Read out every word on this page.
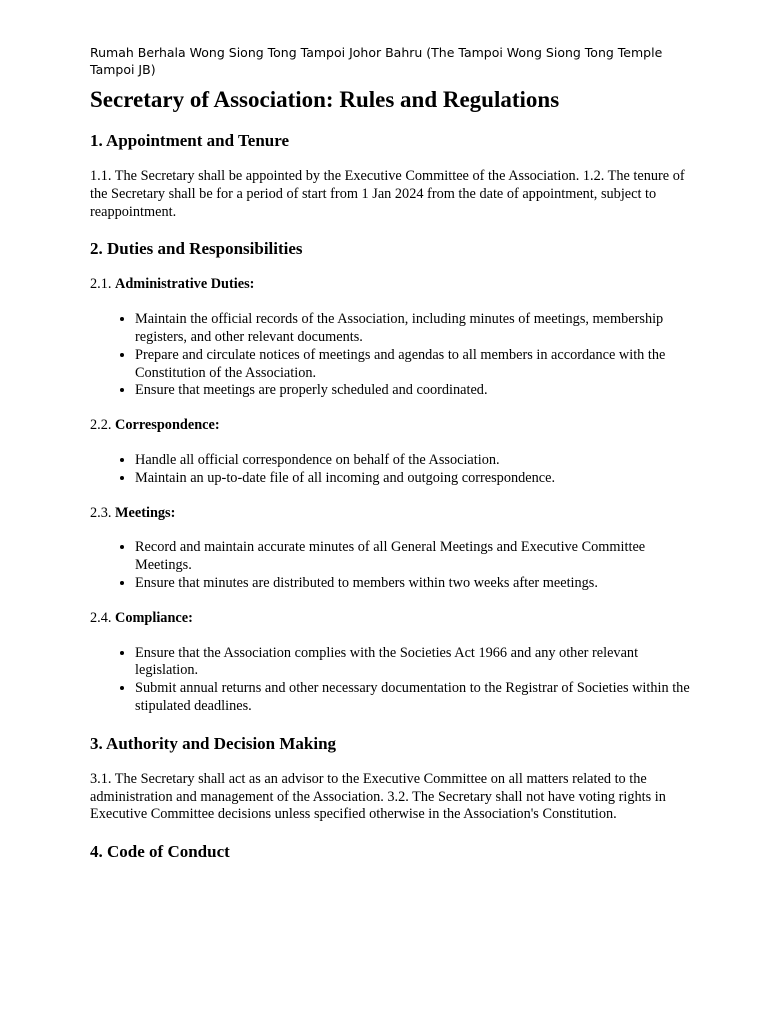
Rumah Berhala Wong Siong Tong Tampoi Johor Bahru (The Tampoi Wong Siong Tong Temple Tampoi JB)
Secretary of Association: Rules and Regulations
1. Appointment and Tenure

1.1. The Secretary shall be appointed by the Executive Committee of the Association. 1.2. The tenure of the Secretary shall be for a period of start from 1 Jan 2024 from the date of appointment, subject to reappointment.

2. Duties and Responsibilities

2.1. Administrative Duties:

• Maintain the official records of the Association, including minutes of meetings, membership registers, and other relevant documents.
• Prepare and circulate notices of meetings and agendas to all members in accordance with the Constitution of the Association.
• Ensure that meetings are properly scheduled and coordinated.

2.2. Correspondence:

• Handle all official correspondence on behalf of the Association.
• Maintain an up-to-date file of all incoming and outgoing correspondence.

2.3. Meetings:

• Record and maintain accurate minutes of all General Meetings and Executive Committee Meetings.
• Ensure that minutes are distributed to members within two weeks after meetings.

2.4. Compliance:

• Ensure that the Association complies with the Societies Act 1966 and any other relevant legislation.
• Submit annual returns and other necessary documentation to the Registrar of Societies within the stipulated deadlines.
3. Authority and Decision Making

3.1. The Secretary shall act as an advisor to the Executive Committee on all matters related to the administration and management of the Association. 3.2. The Secretary shall not have voting rights in Executive Committee decisions unless specified otherwise in the Association's Constitution.

4. Code of Conduct
